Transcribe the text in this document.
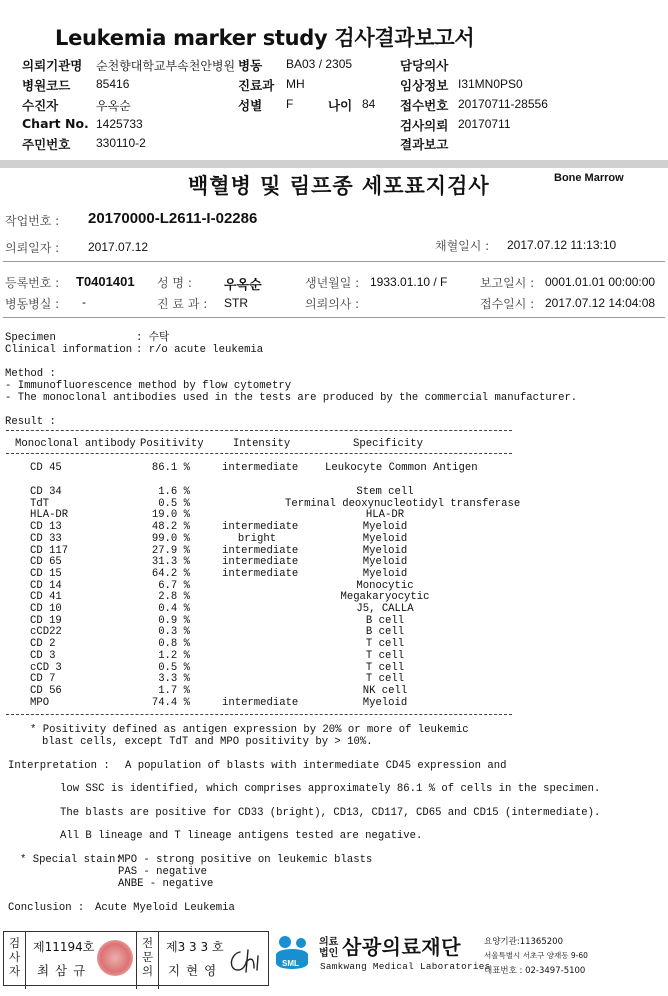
Leukemia marker study 검사결과보고서
의뢰기관명 순천향대학교부속천안병원 병동 BA03 / 2305	담당의사
병원코드 85416	진료과 MH	임상정보 I31MN0PS0
수진자	우옥순	성별 F	나이 84 접수번호 20170711-28556
Chart No. 1425733	검사의뢰 20170711
주민번호 330110-2	결과보고
백혈병 및 림프종 세포표지검사	Bone Marrow
작업번호 : 20170000-L2611-I-02286
의뢰일자 : 2017.07.12	채혈일시 : 2017.07.12 11:13:10
등록번호 : T0401401 성 명 : 우옥순	생년월일 : 1933.01.10 / F	보고일시 : 0001.01.01 00:00:00
병동병실 : -	진 료 과 : STR	의뢰의사 :	접수일시 : 2017.07.12 14:04:08
Specimen	: 수탁
Clinical information : r/o acute leukemia
Method :
- Immunofluorescence method by flow cytometry
- The monoclonal antibodies used in the tests are produced by the commercial manufacturer.
Result :
Monoclonal antibody Positivity	Intensity	Specificity
CD 45	86.1 %	intermediate	Leukocyte Common Antigen
CD 34	1.6 %	Stem cell
TdT	0.5 %	Terminal deoxynucleotidyl transferase
HLA-DR	19.0 %	HLA-DR
CD 13	48.2 %	intermediate	Myeloid
CD 33	99.0 %	bright	Myeloid
CD 117	27.9 %	intermediate	Myeloid
CD 65	31.3 %	intermediate	Myeloid
CD 15	64.2 %	intermediate	Myeloid
CD 14	6.7 %	Monocytic
CD 41	2.8 %	Megakaryocytic
CD 10	0.4 %	J5, CALLA
CD 19	0.9 %	B cell
cCD22	0.3 %	B cell
CD 2	0.8 %	T cell
CD 3	1.2 %	T cell
cCD 3	0.5 %	T cell
CD 7	3.3 %	T cell
CD 56	1.7 %	NK cell
MPO	74.4 %	intermediate	Myeloid
* Positivity defined as antigen expression by 20% or more of leukemic
blast cells, except TdT and MPO positivity by > 10%.
Interpretation : A population of blasts with intermediate CD45 expression and
low SSC is identified, which comprises approximately 86.1 % of cells in the specimen.
The blasts are positive for CD33 (bright), CD13, CD117, CD65 and CD15 (intermediate).
All B lineage and T lineage antigens tested are negative.
* Special stain:
MPO - strong positive on leukemic blasts
PAS - negative
ANBE - negative
Conclusion : Acute Myeloid Leukemia
검
사
자
제11194호
최 삼 규
전
문
의
제3 3 3 호
지 현 영	SML
의료
법인 삼광의료재단
Samkwang Medical Laboratories
요양기관:11365200
서울특별시 서초구 양재동 9-60
대표번호 : 02-3497-5100
